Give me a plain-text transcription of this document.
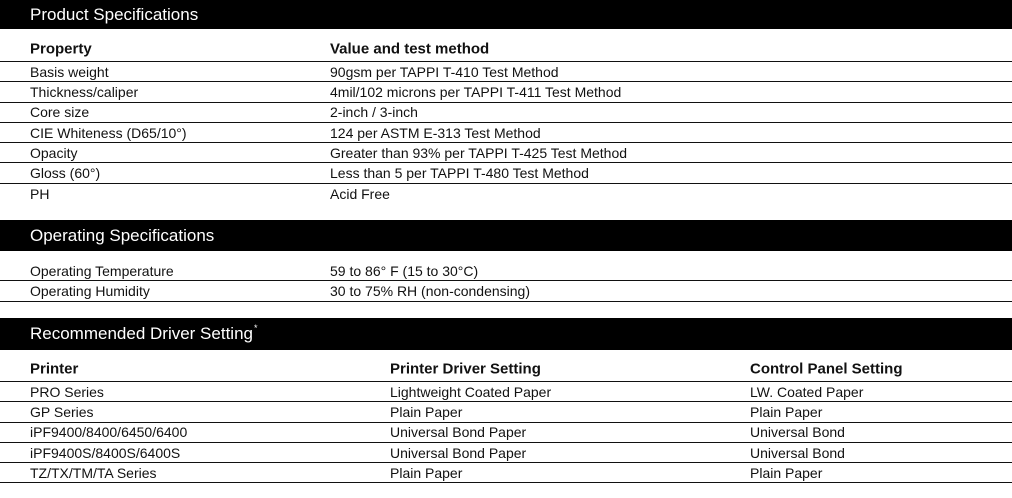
Product Specifications
Property	Value and test method
Basis weight	90gsm per TAPPI T-410 Test Method
Thickness/caliper	4mil/102 microns per TAPPI T-411 Test Method
Core size	2-inch / 3-inch
CIE Whiteness (D65/10°)	124 per ASTM E-313 Test Method
Opacity	Greater than 93% per TAPPI T-425 Test Method
Gloss (60°)	Less than 5 per TAPPI T-480 Test Method
PH	Acid Free
Operating Specifications
Operating Temperature	59 to 86° F (15 to 30°C)
Operating Humidity	30 to 75% RH (non-condensing)
Recommended Driver Setting*
Printer	Printer Driver Setting	Control Panel Setting
PRO Series	Lightweight Coated Paper	LW. Coated Paper
GP Series	Plain Paper	Plain Paper
iPF9400/8400/6450/6400	Universal Bond Paper	Universal Bond
iPF9400S/8400S/6400S	Universal Bond Paper	Universal Bond
TZ/TX/TM/TA Series	Plain Paper	Plain Paper
